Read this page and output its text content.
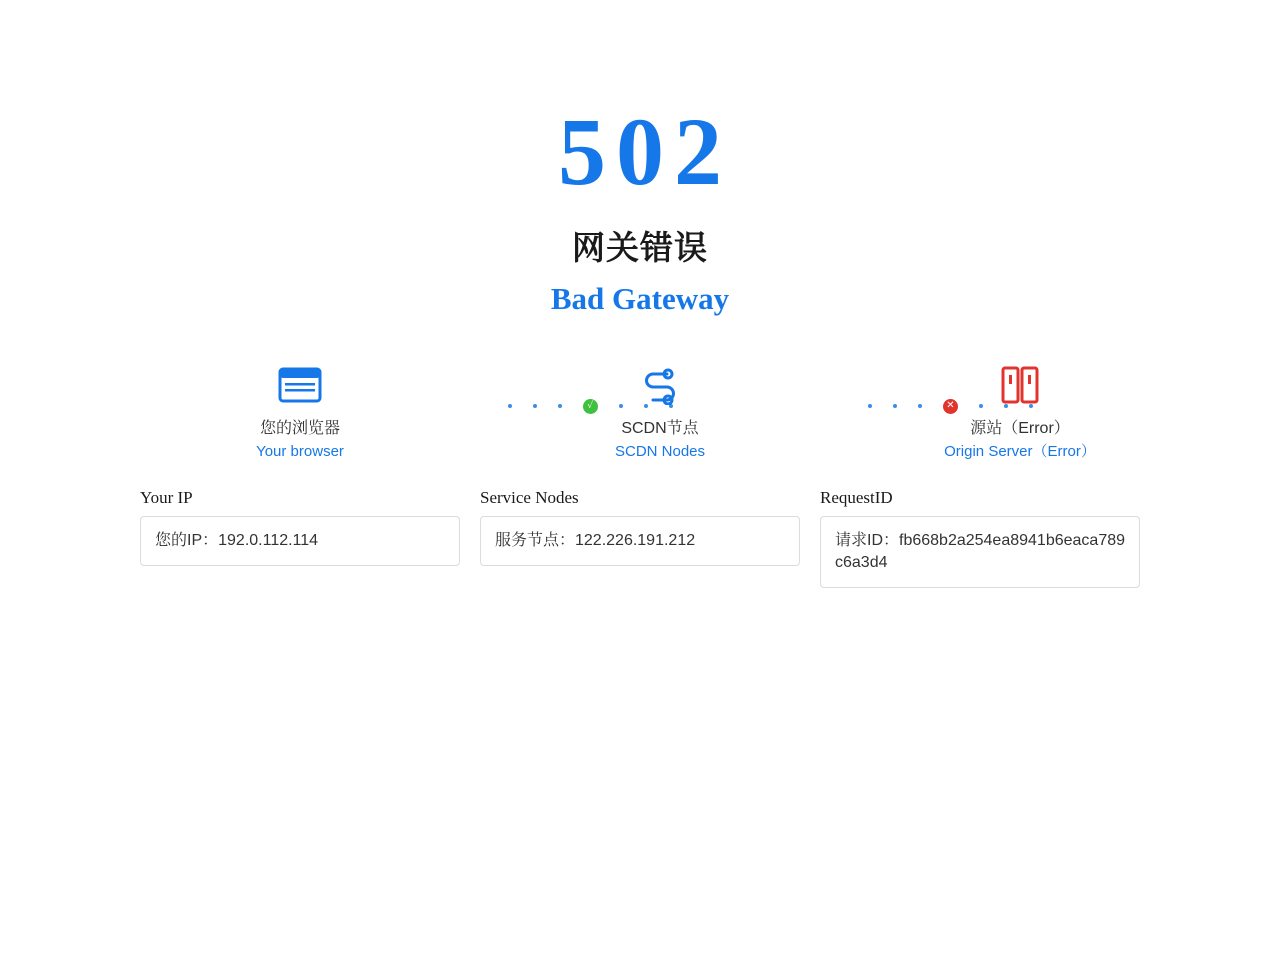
502
网关错误
Bad Gateway
您的浏览器
Your browser
✓
SCDN节点
SCDN Nodes
✕
源站（Error）
Origin Server（Error）
Your IP
您的IP：192.0.112.114
Service Nodes
服务节点：122.226.191.212
RequestID
请求ID：fb668b2a254ea8941b6eaca789c6a3d4
